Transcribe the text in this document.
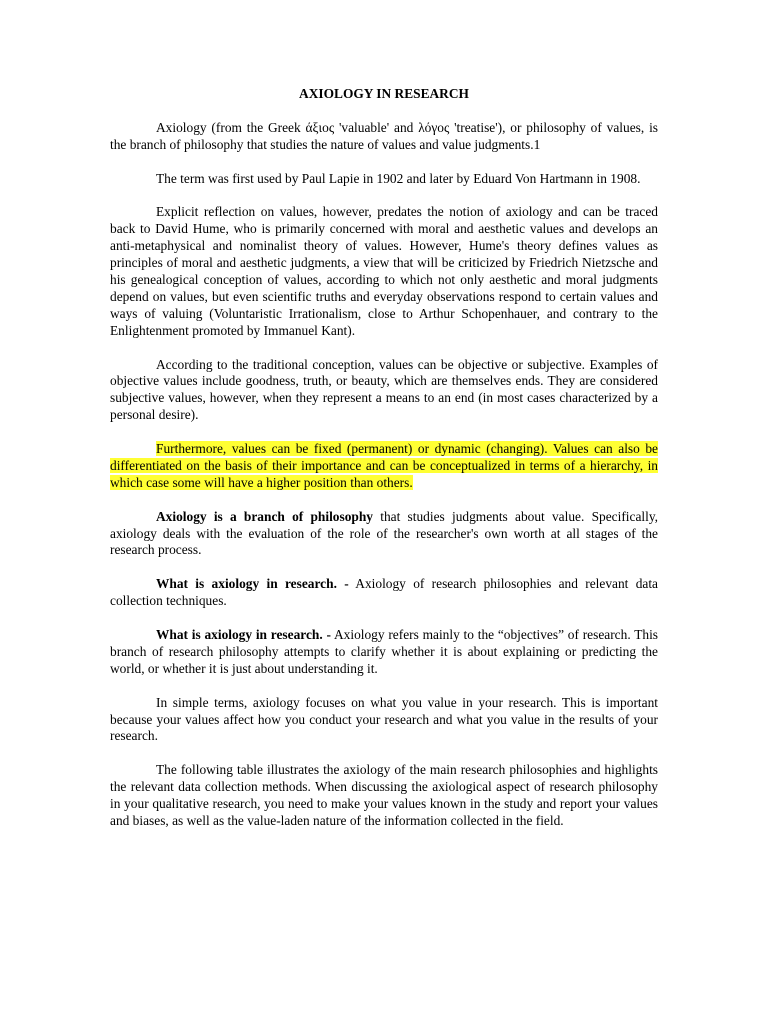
AXIOLOGY IN RESEARCH

Axiology (from the Greek άξιος 'valuable' and λόγος 'treatise'), or philosophy of values, is the branch of philosophy that studies the nature of values and value judgments.1

The term was first used by Paul Lapie in 1902 and later by Eduard Von Hartmann in 1908.

Explicit reflection on values, however, predates the notion of axiology and can be traced back to David Hume, who is primarily concerned with moral and aesthetic values and develops an anti-metaphysical and nominalist theory of values. However, Hume's theory defines values as principles of moral and aesthetic judgments, a view that will be criticized by Friedrich Nietzsche and his genealogical conception of values, according to which not only aesthetic and moral judgments depend on values, but even scientific truths and everyday observations respond to certain values and ways of valuing (Voluntaristic Irrationalism, close to Arthur Schopenhauer, and contrary to the Enlightenment promoted by Immanuel Kant).

According to the traditional conception, values can be objective or subjective. Examples of objective values include goodness, truth, or beauty, which are themselves ends. They are considered subjective values, however, when they represent a means to an end (in most cases characterized by a personal desire).

Furthermore, values can be fixed (permanent) or dynamic (changing). Values can also be differentiated on the basis of their importance and can be conceptualized in terms of a hierarchy, in which case some will have a higher position than others.

Axiology is a branch of philosophy that studies judgments about value. Specifically, axiology deals with the evaluation of the role of the researcher's own worth at all stages of the research process.

What is axiology in research. - Axiology of research philosophies and relevant data collection techniques.

What is axiology in research. - Axiology refers mainly to the “objectives” of research. This branch of research philosophy attempts to clarify whether it is about explaining or predicting the world, or whether it is just about understanding it.

In simple terms, axiology focuses on what you value in your research. This is important because your values affect how you conduct your research and what you value in the results of your research.

The following table illustrates the axiology of the main research philosophies and highlights the relevant data collection methods. When discussing the axiological aspect of research philosophy in your qualitative research, you need to make your values known in the study and report your values and biases, as well as the value-laden nature of the information collected in the field.
